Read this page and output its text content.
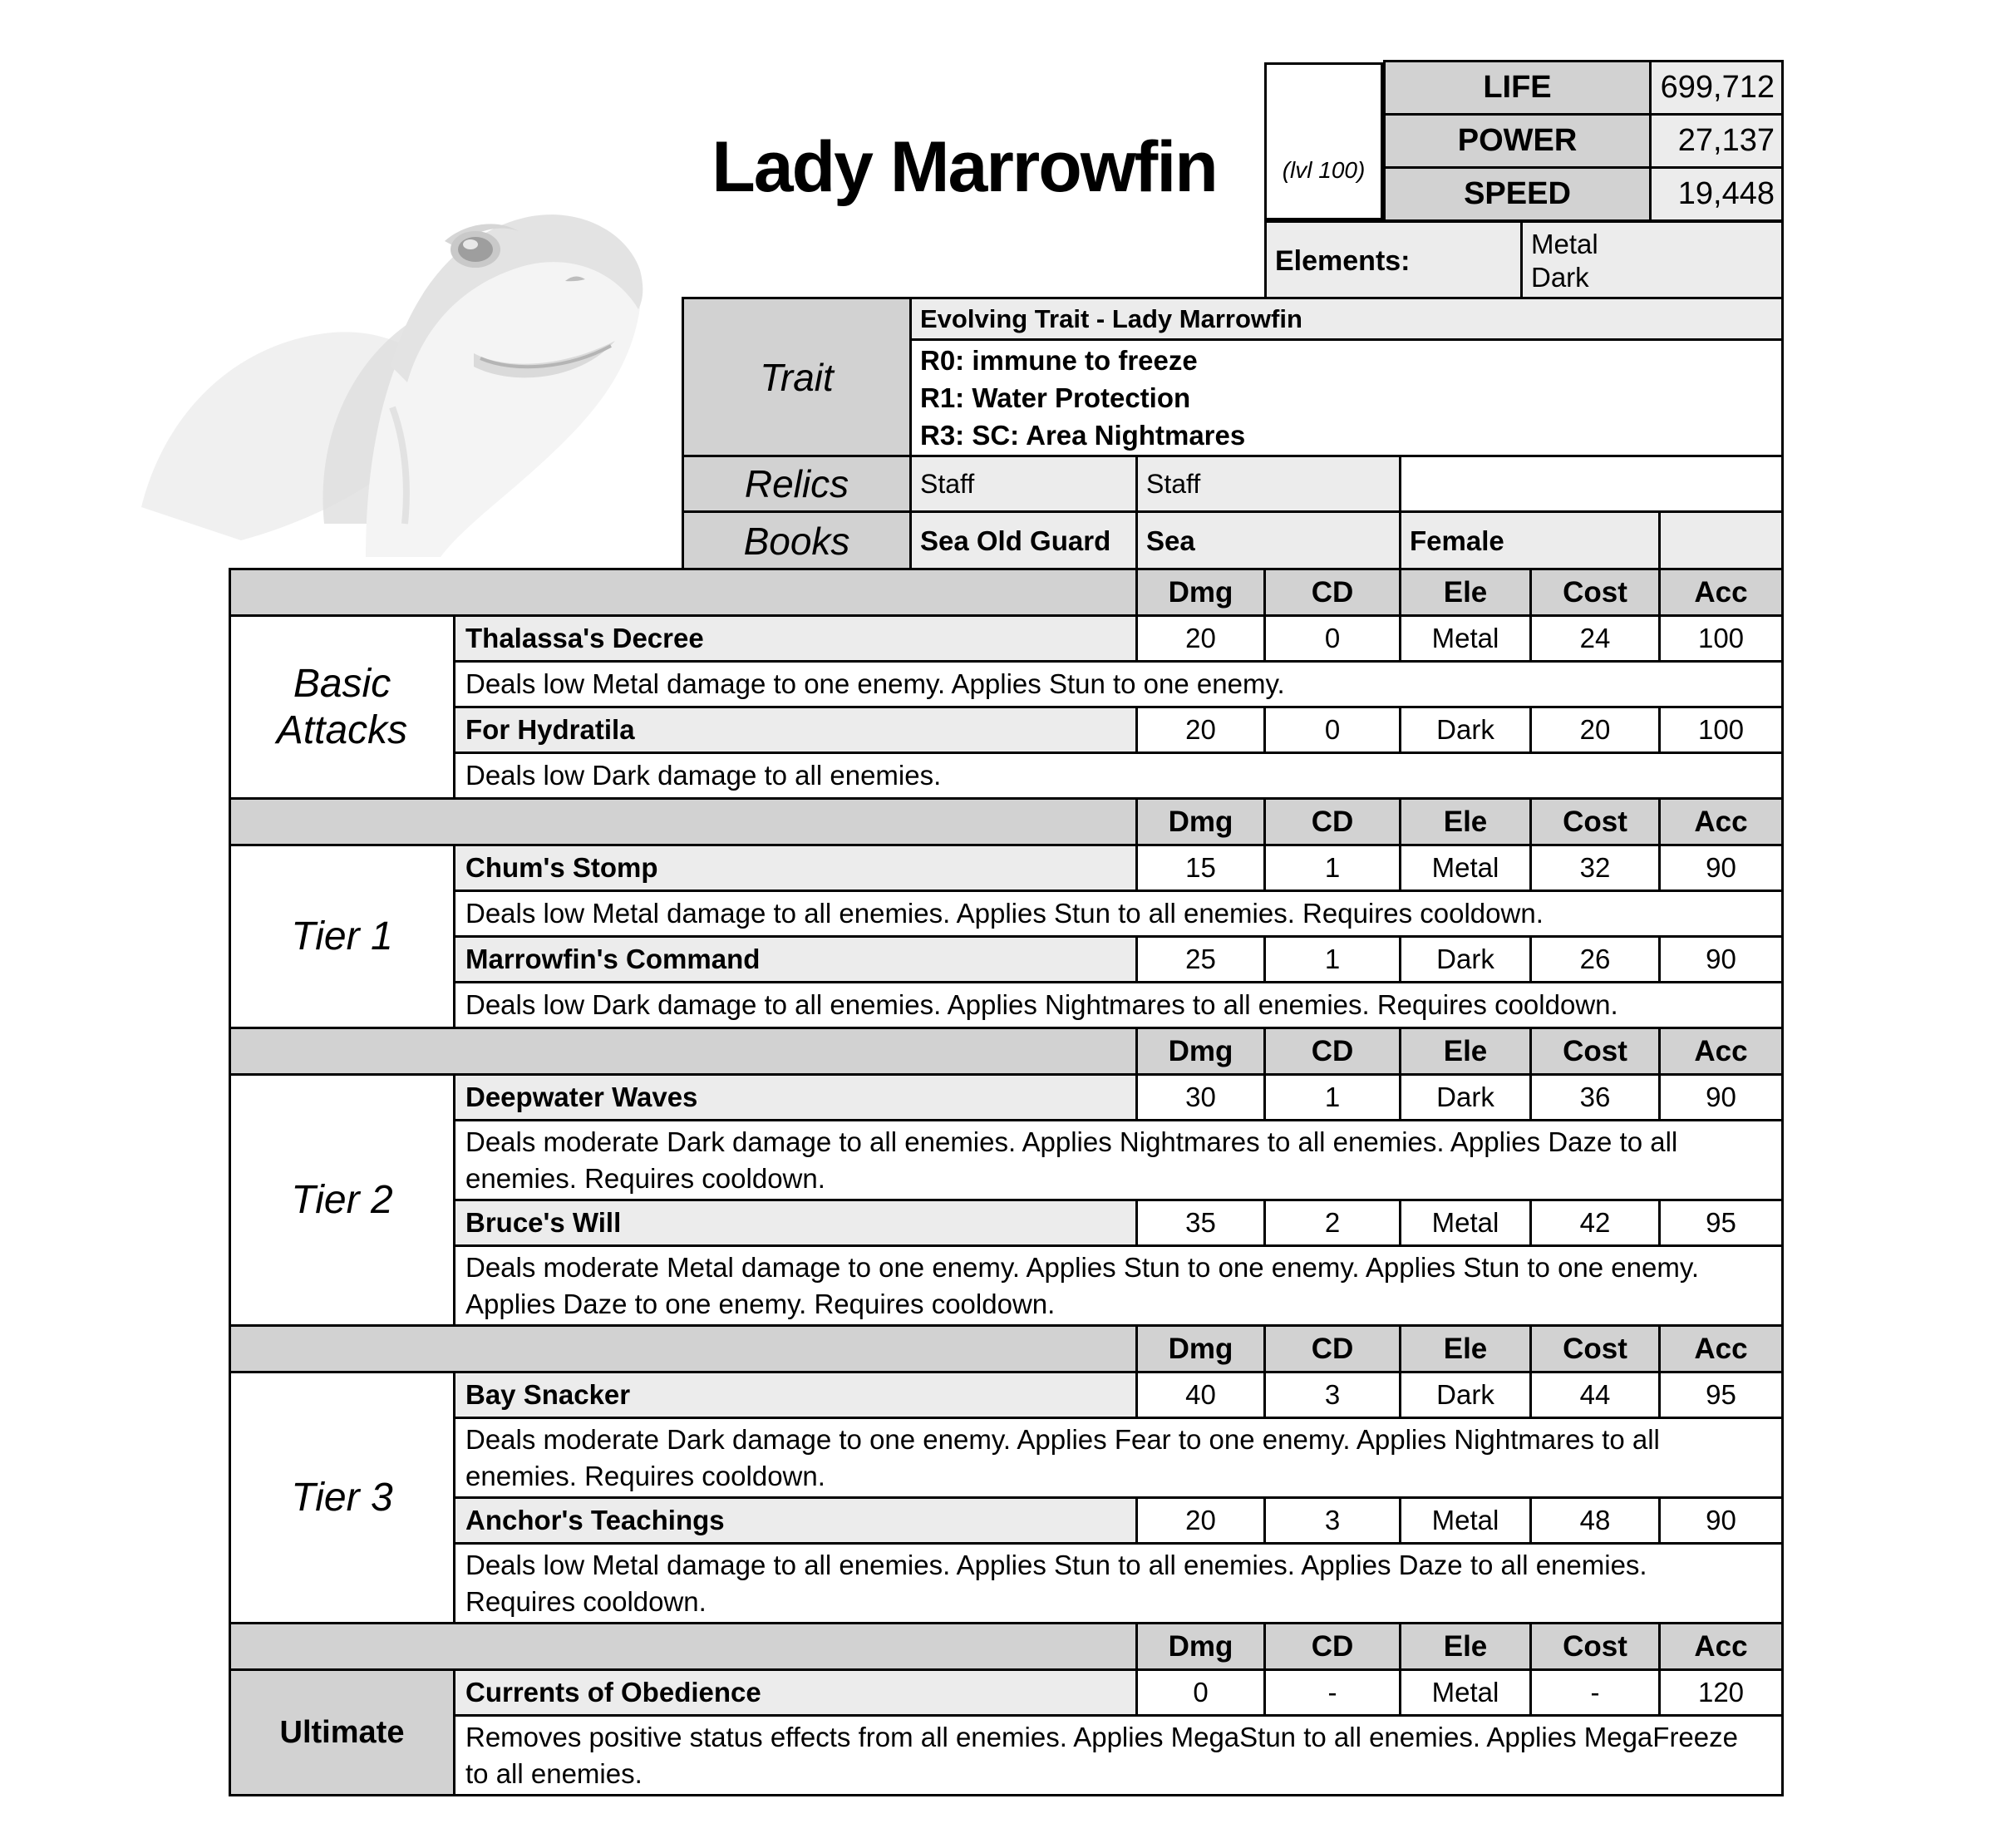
Lady Marrowfin	(lvl 100)
LIFE	699,712
POWER	27,137
SPEED	19,448
Elements:	
Metal
Dark
Trait	Evolving Trait - Lady Marrowfin			

	R0: immune to freeze
R1: Water Protection
R3: SC: Area Nightmares			

Relics	Staff	Staff		
Books	Sea Old Guard	Sea	Female	
		Dmg	CD	Ele	Cost	Acc
Basic Attacks	Thalassa's Decree	20	0	Metal	24	100
	Deals low Metal damage to one enemy. Applies Stun to one enemy.					
	For Hydratila	20	0	Dark	20	100
	Deals low Dark damage to all enemies.					
		Dmg	CD	Ele	Cost	Acc
Tier 1	Chum's Stomp	15	1	Metal	32	90
	Deals low Metal damage to all enemies. Applies Stun to all enemies. Requires cooldown.					
	Marrowfin's Command	25	1	Dark	26	90
	Deals low Dark damage to all enemies. Applies Nightmares to all enemies. Requires cooldown.					
		Dmg	CD	Ele	Cost	Acc
Tier 2	Deepwater Waves	30	1	Dark	36	90
	Deals moderate Dark damage to all enemies. Applies Nightmares to all enemies. Applies Daze to all enemies. Requires cooldown.					
	Bruce's Will	35	2	Metal	42	95
	Deals moderate Metal damage to one enemy. Applies Stun to one enemy. Applies Stun to one enemy. Applies Daze to one enemy. Requires cooldown.					
		Dmg	CD	Ele	Cost	Acc
Tier 3	Bay Snacker	40	3	Dark	44	95
	Deals moderate Dark damage to one enemy. Applies Fear to one enemy. Applies Nightmares to all enemies. Requires cooldown.					
	Anchor's Teachings	20	3	Metal	48	90
	Deals low Metal damage to all enemies. Applies Stun to all enemies. Applies Daze to all enemies. Requires cooldown.					
		Dmg	CD	Ele	Cost	Acc
Ultimate	Currents of Obedience	0	-	Metal	-	120
	Removes positive status effects from all enemies. Applies MegaStun to all enemies. Applies MegaFreeze to all enemies.					
